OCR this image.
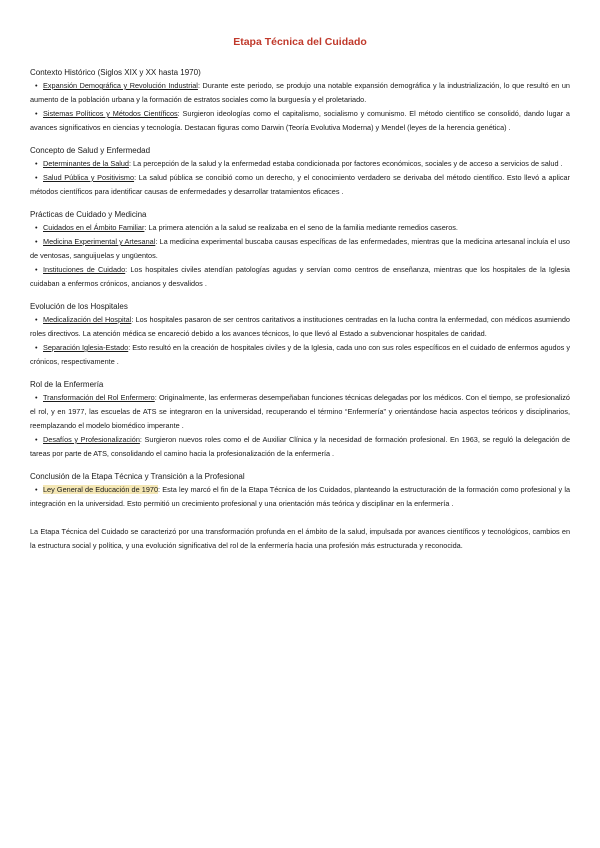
Etapa Técnica del Cuidado
Contexto Histórico (Siglos XIX y XX hasta 1970)

• Expansión Demográfica y Revolución Industrial: Durante este periodo, se produjo una notable expansión demográfica y la industrialización, lo que resultó en un aumento de la población urbana y la formación de estratos sociales como la burguesía y el proletariado.

• Sistemas Políticos y Métodos Científicos: Surgieron ideologías como el capitalismo, socialismo y comunismo. El método científico se consolidó, dando lugar a avances significativos en ciencias y tecnología. Destacan figuras como Darwin (Teoría Evolutiva Moderna) y Mendel (leyes de la herencia genética) .

Concepto de Salud y Enfermedad

• Determinantes de la Salud: La percepción de la salud y la enfermedad estaba condicionada por factores económicos, sociales y de acceso a servicios de salud .

• Salud Pública y Positivismo: La salud pública se concibió como un derecho, y el conocimiento verdadero se derivaba del método científico. Esto llevó a aplicar métodos científicos para identificar causas de enfermedades y desarrollar tratamientos eficaces .

Prácticas de Cuidado y Medicina

• Cuidados en el Ámbito Familiar: La primera atención a la salud se realizaba en el seno de la familia mediante remedios caseros.

• Medicina Experimental y Artesanal: La medicina experimental buscaba causas específicas de las enfermedades, mientras que la medicina artesanal incluía el uso de ventosas, sanguijuelas y ungüentos.

• Instituciones de Cuidado: Los hospitales civiles atendían patologías agudas y servían como centros de enseñanza, mientras que los hospitales de la Iglesia cuidaban a enfermos crónicos, ancianos y desvalidos .

Evolución de los Hospitales

• Medicalización del Hospital: Los hospitales pasaron de ser centros caritativos a instituciones centradas en la lucha contra la enfermedad, con médicos asumiendo roles directivos. La atención médica se encareció debido a los avances técnicos, lo que llevó al Estado a subvencionar hospitales de caridad.

• Separación Iglesia-Estado: Esto resultó en la creación de hospitales civiles y de la Iglesia, cada uno con sus roles específicos en el cuidado de enfermos agudos y crónicos, respectivamente .

Rol de la Enfermería

• Transformación del Rol Enfermero: Originalmente, las enfermeras desempeñaban funciones técnicas delegadas por los médicos. Con el tiempo, se profesionalizó el rol, y en 1977, las escuelas de ATS se integraron en la universidad, recuperando el término “Enfermería” y orientándose hacia aspectos teóricos y disciplinarios, reemplazando el modelo biomédico imperante .

• Desafíos y Profesionalización: Surgieron nuevos roles como el de Auxiliar Clínica y la necesidad de formación profesional. En 1963, se reguló la delegación de tareas por parte de ATS, consolidando el camino hacia la profesionalización de la enfermería .

Conclusión de la Etapa Técnica y Transición a la Profesional

• Ley General de Educación de 1970: Esta ley marcó el fin de la Etapa Técnica de los Cuidados, planteando la estructuración de la formación como profesional y la integración en la universidad. Esto permitió un crecimiento profesional y una orientación más teórica y disciplinar en la enfermería .

La Etapa Técnica del Cuidado se caracterizó por una transformación profunda en el ámbito de la salud, impulsada por avances científicos y tecnológicos, cambios en la estructura social y política, y una evolución significativa del rol de la enfermería hacia una profesión más estructurada y reconocida.
